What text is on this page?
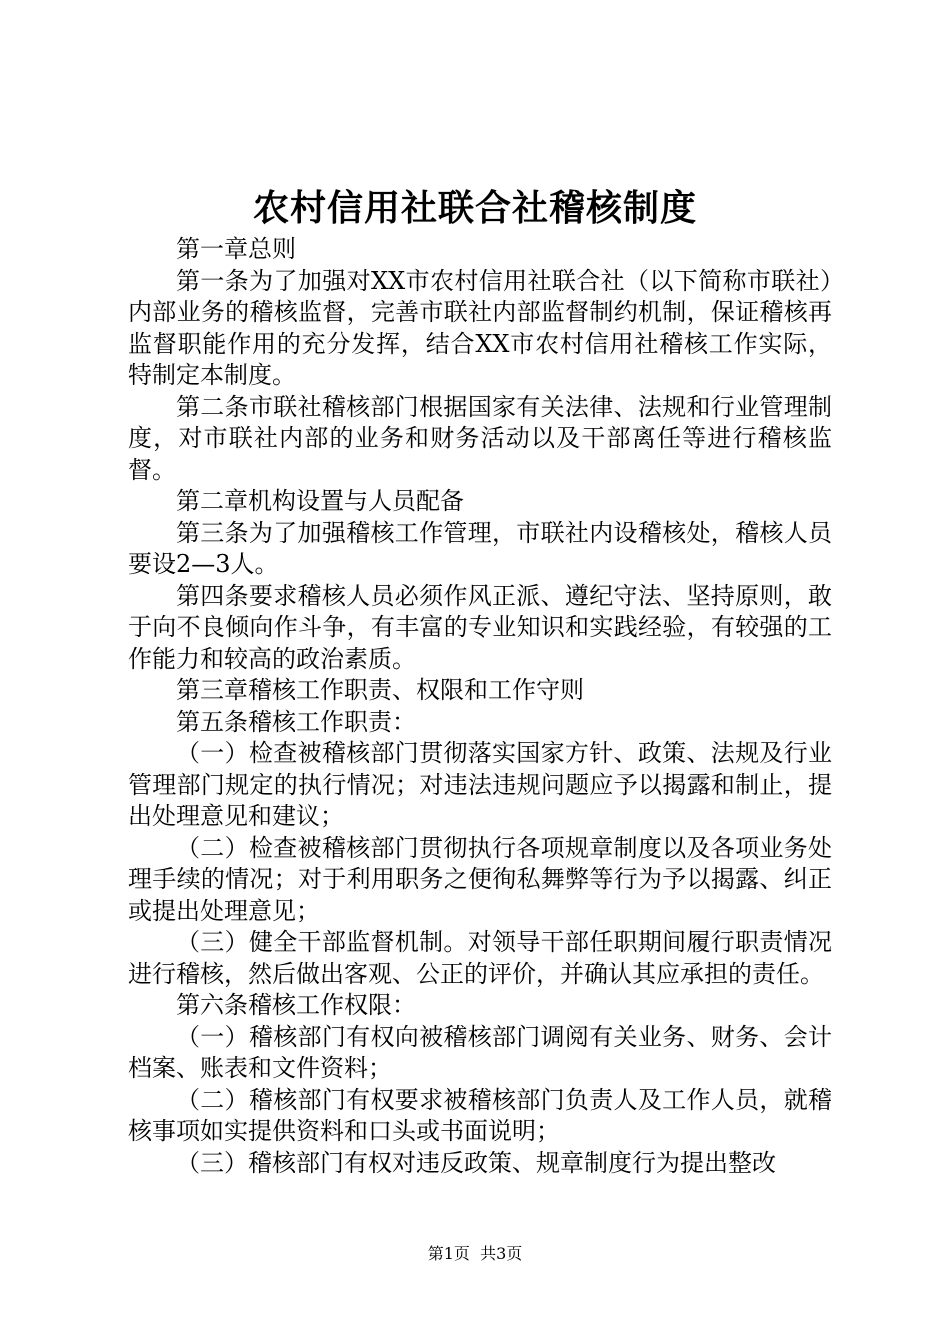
农村信用社联合社稽核制度

第一章总则

第一条为了加强对XX市农村信用社联合社（以下简称市联社）内部业务的稽核监督，完善市联社内部监督制约机制，保证稽核再监督职能作用的充分发挥，结合XX市农村信用社稽核工作实际，特制定本制度。

第二条市联社稽核部门根据国家有关法律、法规和行业管理制度，对市联社内部的业务和财务活动以及干部离任等进行稽核监督。

第二章机构设置与人员配备

第三条为了加强稽核工作管理，市联社内设稽核处，稽核人员要设2—3人。

第四条要求稽核人员必须作风正派、遵纪守法、坚持原则，敢于向不良倾向作斗争，有丰富的专业知识和实践经验，有较强的工作能力和较高的政治素质。

第三章稽核工作职责、权限和工作守则

第五条稽核工作职责：

（一）检查被稽核部门贯彻落实国家方针、政策、法规及行业管理部门规定的执行情况；对违法违规问题应予以揭露和制止，提出处理意见和建议；

（二）检查被稽核部门贯彻执行各项规章制度以及各项业务处理手续的情况；对于利用职务之便徇私舞弊等行为予以揭露、纠正或提出处理意见；

（三）健全干部监督机制。对领导干部任职期间履行职责情况进行稽核，然后做出客观、公正的评价，并确认其应承担的责任。

第六条稽核工作权限：

（一）稽核部门有权向被稽核部门调阅有关业务、财务、会计档案、账表和文件资料；

（二）稽核部门有权要求被稽核部门负责人及工作人员，就稽核事项如实提供资料和口头或书面说明；

（三）稽核部门有权对违反政策、规章制度行为提出整改

第1页 共3页
